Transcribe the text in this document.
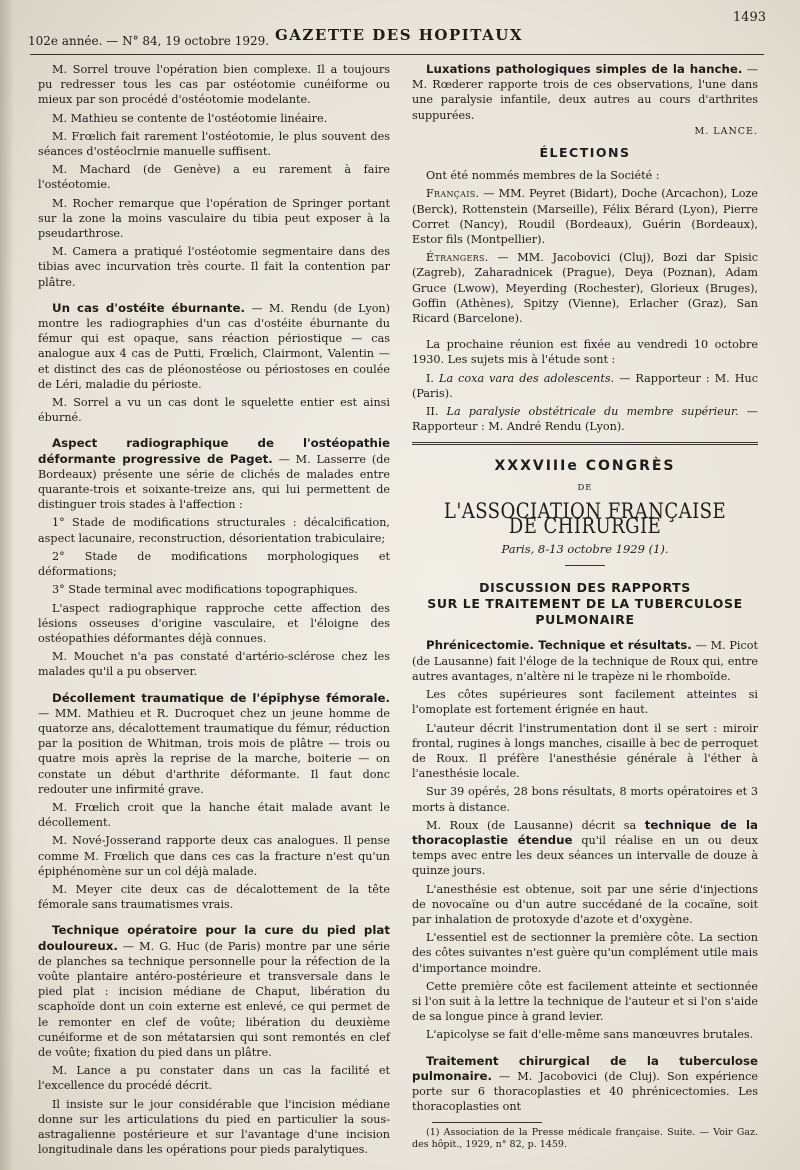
102e année. — N° 84, 19 octobre 1929. GAZETTE DES HOPITAUX
1493

M. Sorrel trouve l'opération bien complexe. Il a toujours pu redresser tous les cas par ostéotomie cunéiforme ou mieux par son procédé d'ostéotomie modelante.

M. Mathieu se contente de l'ostéotomie linéaire.

M. Frœlich fait rarement l'ostéotomie, le plus souvent des séances d'ostéoclrnie manuelle suffisent.

M. Machard (de Genève) a eu rarement à faire l'ostéotomie.

M. Rocher remarque que l'opération de Springer portant sur la zone la moins vasculaire du tibia peut exposer à la pseudarthrose.

M. Camera a pratiqué l'ostéotomie segmentaire dans des tibias avec incurvation très courte. Il fait la contention par plâtre.

Un cas d'ostéite éburnante. — M. Rendu (de Lyon) montre les radiographies d'un cas d'ostéite éburnante du fémur qui est opaque, sans réaction périostique — cas analogue aux 4 cas de Putti, Frœlich, Clairmont, Valentin — et distinct des cas de pléonostéose ou périostoses en coulée de Léri, maladie du périoste.

M. Sorrel a vu un cas dont le squelette entier est ainsi éburné.

Aspect radiographique de l'ostéopathie déformante progressive de Paget. — M. Lasserre (de Bordeaux) présente une série de clichés de malades entre quarante-trois et soixante-treize ans, qui lui permettent de distinguer trois stades à l'affection :

1° Stade de modifications structurales : décalcification, aspect lacunaire, reconstruction, désorientation trabiculaire;

2° Stade de modifications morphologiques et déformations;

3° Stade terminal avec modifications topographiques.

L'aspect radiographique rapproche cette affection des lésions osseuses d'origine vasculaire, et l'éloigne des ostéopathies déformantes déjà connues.

M. Mouchet n'a pas constaté d'artério-sclérose chez les malades qu'il a pu observer.

Décollement traumatique de l'épiphyse fémorale. — MM. Mathieu et R. Ducroquet chez un jeune homme de quatorze ans, décalottement traumatique du fémur, réduction par la position de Whitman, trois mois de plâtre — trois ou quatre mois après la reprise de la marche, boiterie — on constate un début d'arthrite déformante. Il faut donc redouter une infirmité grave.

M. Frœlich croit que la hanche était malade avant le décollement.

M. Nové-Josserand rapporte deux cas analogues. Il pense comme M. Frœlich que dans ces cas la fracture n'est qu'un épiphénomène sur un col déjà malade.

M. Meyer cite deux cas de décalottement de la tête fémorale sans traumatismes vrais.

Technique opératoire pour la cure du pied plat douloureux. — M. G. Huc (de Paris) montre par une série de planches sa technique personnelle pour la réfection de la voûte plantaire antéro-postérieure et transversale dans le pied plat : incision médiane de Chaput, libération du scaphoïde dont un coin externe est enlevé, ce qui permet de le remonter en clef de voûte; libération du deuxième cunéiforme et de son métatarsien qui sont remontés en clef de voûte; fixation du pied dans un plâtre.

M. Lance a pu constater dans un cas la facilité et l'excellence du procédé décrit.

Il insiste sur le jour considérable que l'incision médiane donne sur les articulations du pied en particulier la sous-astragalienne postérieure et sur l'avantage d'une incision longitudinale dans les opérations pour pieds paralytiques.

Luxations pathologiques simples de la hanche. — M. Rœderer rapporte trois de ces observations, l'une dans une paralysie infantile, deux autres au cours d'arthrites suppurées.

M. LANCE.
ÉLECTIONS

Ont été nommés membres de la Société :

Français. — MM. Peyret (Bidart), Doche (Arcachon), Loze (Berck), Rottenstein (Marseille), Félix Bérard (Lyon), Pierre Corret (Nancy), Roudil (Bordeaux), Guérin (Bordeaux), Estor fils (Montpellier).

Étrangers. — MM. Jacobovici (Cluj), Bozi dar Spisic (Zagreb), Zaharadnicek (Prague), Deya (Poznan), Adam Gruce (Lwow), Meyerding (Rochester), Glorieux (Bruges), Goffin (Athènes), Spitzy (Vienne), Erlacher (Graz), San Ricard (Barcelone).

La prochaine réunion est fixée au vendredi 10 octobre 1930. Les sujets mis à l'étude sont :

I. La coxa vara des adolescents. — Rapporteur : M. Huc (Paris).

II. La paralysie obstétricale du membre supérieur. — Rapporteur : M. André Rendu (Lyon).

XXXVIIIe CONGRÈS
DE
L'ASSOCIATION FRANÇAISE DE CHIRURGIE
Paris, 8-13 octobre 1929 (1).
DISCUSSION DES RAPPORTS
SUR LE TRAITEMENT DE LA TUBERCULOSE
PULMONAIRE

Phrénicectomie. Technique et résultats. — M. Picot (de Lausanne) fait l'éloge de la technique de Roux qui, entre autres avantages, n'altère ni le trapèze ni le rhomboïde.

Les côtes supérieures sont facilement atteintes si l'omoplate est fortement érignée en haut.

L'auteur décrit l'instrumentation dont il se sert : miroir frontal, rugines à longs manches, cisaille à bec de perroquet de Roux. Il préfère l'anesthésie générale à l'éther à l'anesthésie locale.

Sur 39 opérés, 28 bons résultats, 8 morts opératoires et 3 morts à distance.

M. Roux (de Lausanne) décrit sa technique de la thoracoplastie étendue qu'il réalise en un ou deux temps avec entre les deux séances un intervalle de douze à quinze jours.

L'anesthésie est obtenue, soit par une série d'injections de novocaïne ou d'un autre succédané de la cocaïne, soit par inhalation de protoxyde d'azote et d'oxygène.

L'essentiel est de sectionner la première côte. La section des côtes suivantes n'est guère qu'un complément utile mais d'importance moindre.

Cette première côte est facilement atteinte et sectionnée si l'on suit à la lettre la technique de l'auteur et si l'on s'aide de sa longue pince à grand levier.

L'apicolyse se fait d'elle-même sans manœuvres brutales.

Traitement chirurgical de la tuberculose pulmonaire. — M. Jacobovici (de Cluj). Son expérience porte sur 6 thoracoplasties et 40 phrénicectomies. Les thoracoplasties ont

(1) Association de la Presse médicale française. Suite. — Voir Gaz. des hôpit., 1929, n° 82, p. 1459.
